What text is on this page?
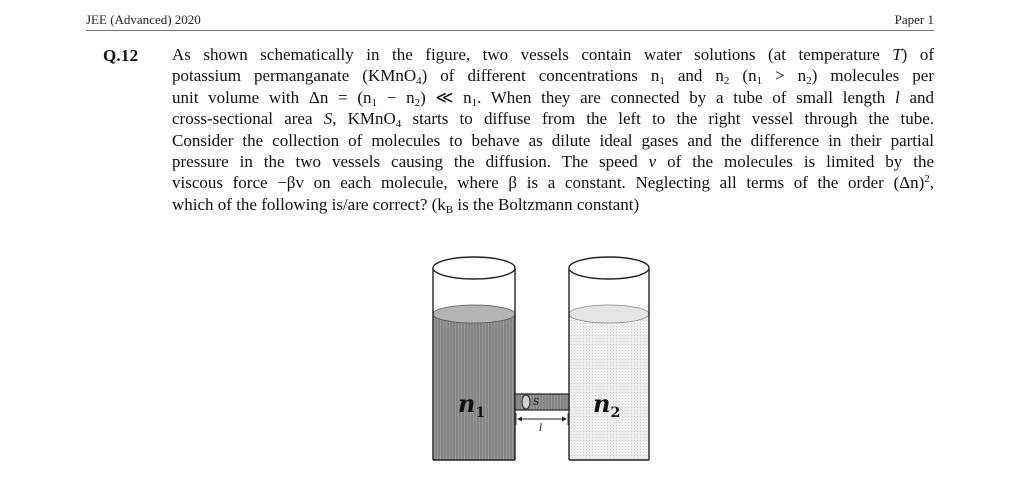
JEE (Advanced) 2020	Paper 1
Q.12 As shown schematically in the figure, two vessels contain water solutions (at temperature T) of
potassium permanganate (KMnO$_4$) of different concentrations $n_1$ and $n_2$ $(n_1 > n_2)$ molecules per
unit volume with $\Delta n = (n_1 - n_2)$ ≪ $n_1$. When they are connected by a tube of small length l and
cross-sectional area S, KMnO$_4$ starts to diffuse from the left to the right vessel through the tube.
Consider the collection of molecules to behave as dilute ideal gases and the difference in their partial
pressure in the two vessels causing the diffusion. The speed v of the molecules is limited by the
viscous force −βv on each molecule, where β is a constant. Neglecting all terms of the order $(\Delta n)^2$,
which of the following is/are correct? ($k_B$ is the Boltzmann constant)
S
l
$n_1$	$n_2$
